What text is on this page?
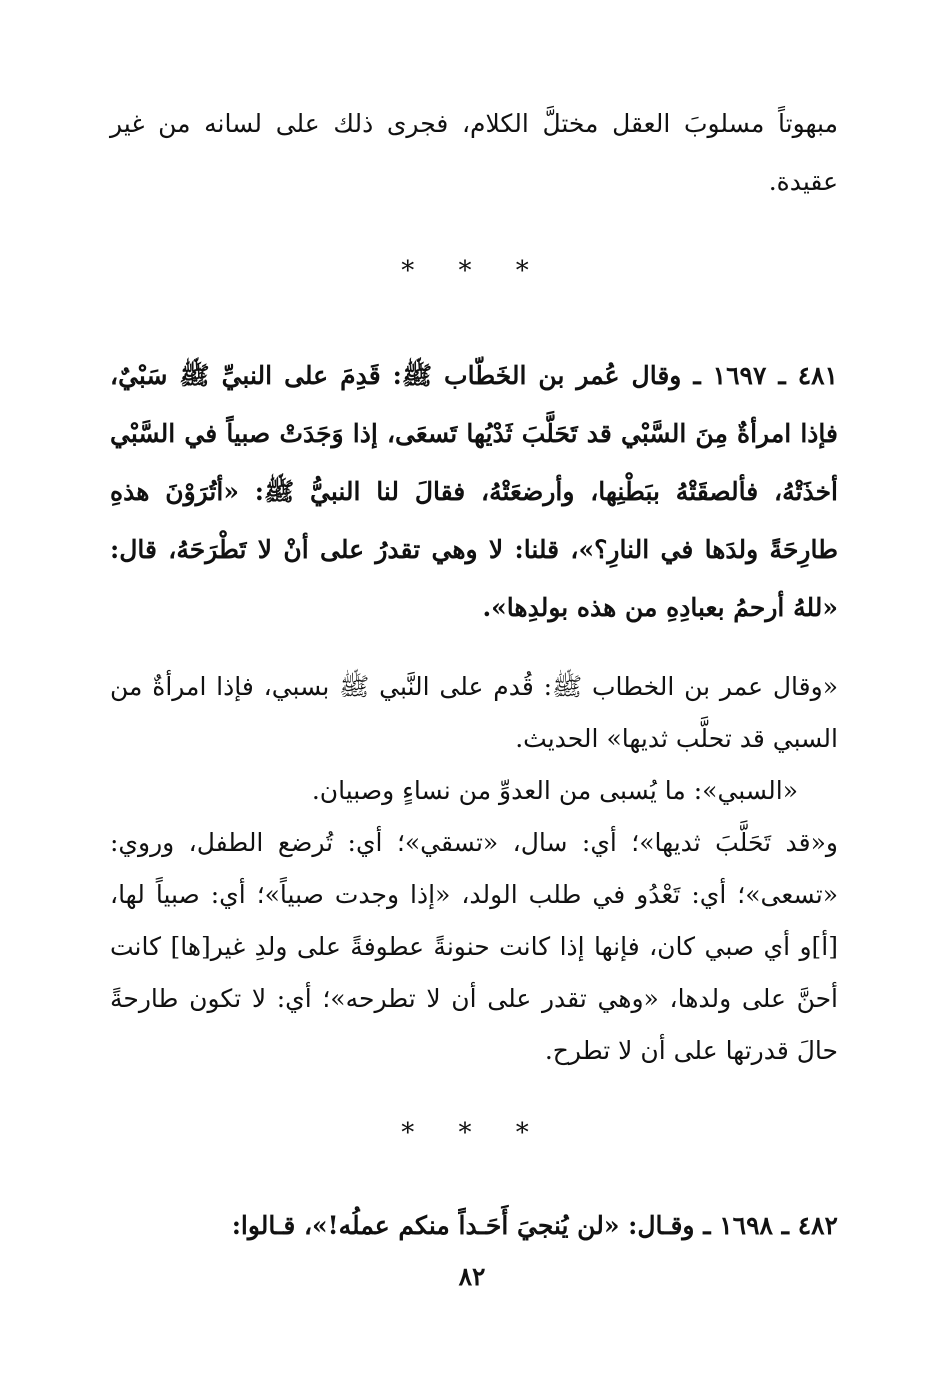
مبهوتاً مسلوبَ العقل مختلَّ الكلام، فجرى ذلك على لسانه من غير عقيدة.

* * *

٤٨١ ـ ١٦٩٧ ـ وقال عُمر بن الخَطّاب ﷺ: قَدِمَ على النبيِّ ﷺ سَبْيٌ، فإذا امرأةٌ مِنَ السَّبْي قد تَحَلَّبَ ثَدْيُها تَسعَى، إذا وَجَدَتْ صبياً في السَّبْي أخذَتْهُ، فألصقَتْهُ ببَطْنِها، وأرضعَتْهُ، فقالَ لنا النبيُّ ﷺ: «أتُرَوْنَ هذهِ طارِحَةً ولدَها في النارِ؟»، قلنا: لا وهي تقدرُ على أنْ لا تَطْرَحَهُ، قال: «للهُ أرحمُ بعبادِهِ من هذه بولدِها».

«وقال عمر بن الخطاب ﷺ: قُدم على النَّبي ﷺ بسبي، فإذا امرأةٌ من السبي قد تحلَّب ثديها» الحديث.

«السبي»: ما يُسبى من العدوِّ من نساءٍ وصبيان.

و«قد تَحَلَّبَ ثديها»؛ أي: سال، «تسقي»؛ أي: تُرضع الطفل، وروي: «تسعى»؛ أي: تَعْدُو في طلب الولد، «إذا وجدت صبياً»؛ أي: صبياً لها، [أ]و أي صبي كان، فإنها إذا كانت حنونةً عطوفةً على ولدِ غير[ها] كانت أحنَّ على ولدها، «وهي تقدر على أن لا تطرحه»؛ أي: لا تكون طارحةً حالَ قدرتها على أن لا تطرح.

* * *

٤٨٢ ـ ١٦٩٨ ـ وقـال: «لن يُنجيَ أَحَـداً منكم عملُه!»، قـالوا:

٨٢
